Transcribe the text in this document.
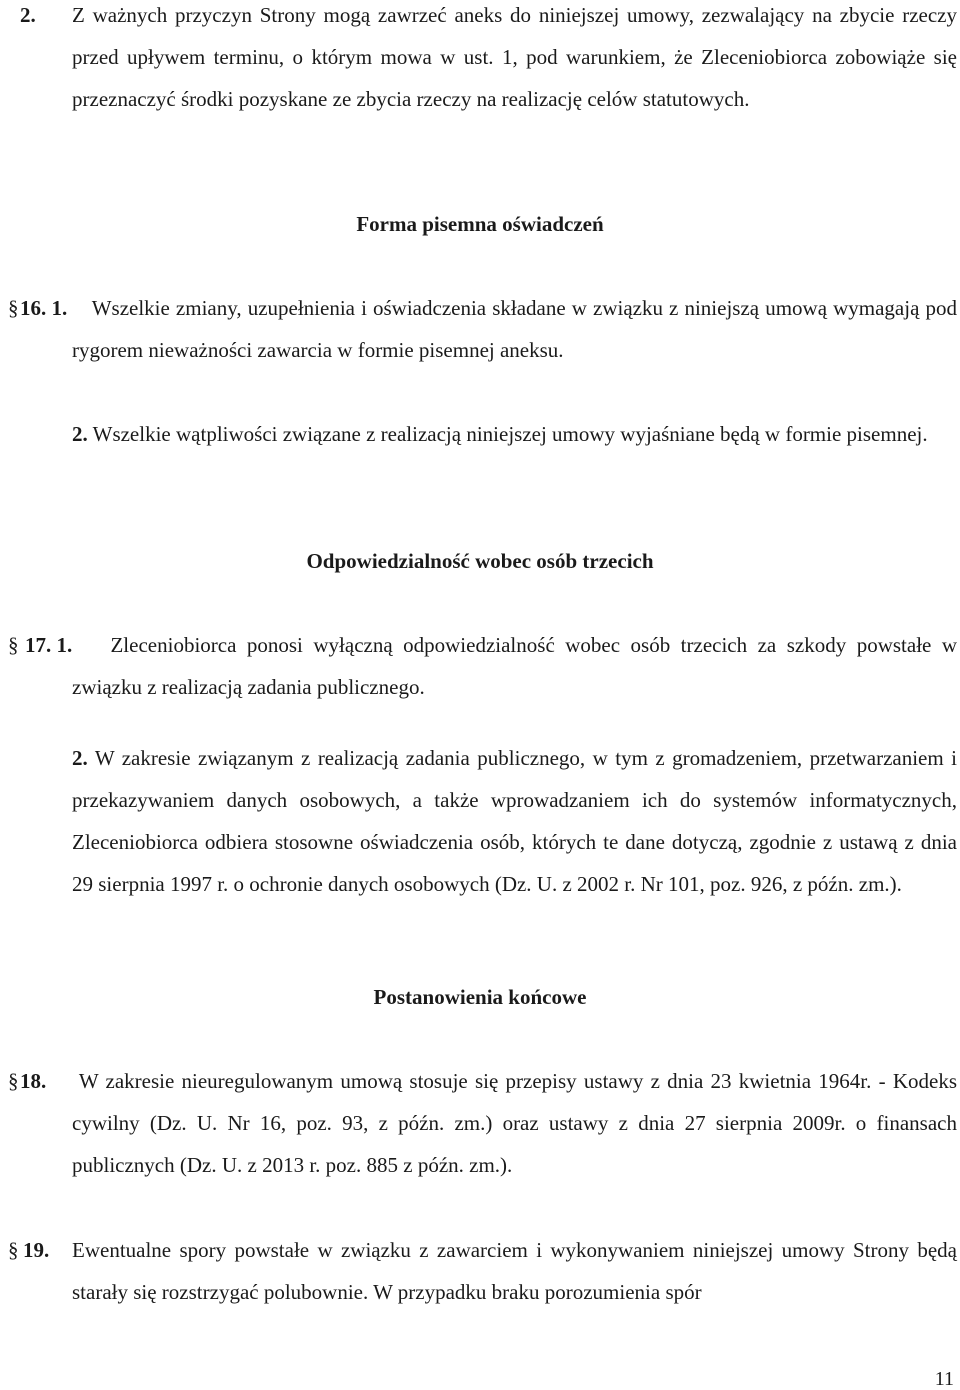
2. Z ważnych przyczyn Strony mogą zawrzeć aneks do niniejszej umowy, zezwalający na zbycie rzeczy przed upływem terminu, o którym mowa w ust. 1, pod warunkiem, że Zleceniobiorca zobowiąże się przeznaczyć środki pozyskane ze zbycia rzeczy na realizację celów statutowych.
Forma pisemna oświadczeń
§ 16. 1. Wszelkie zmiany, uzupełnienia i oświadczenia składane w związku z niniejszą umową wymagają pod rygorem nieważności zawarcia w formie pisemnej aneksu.
2. Wszelkie wątpliwości związane z realizacją niniejszej umowy wyjaśniane będą w formie pisemnej.
Odpowiedzialność wobec osób trzecich
§ 17. 1. Zleceniobiorca ponosi wyłączną odpowiedzialność wobec osób trzecich za szkody powstałe w związku z realizacją zadania publicznego.
2. W zakresie związanym z realizacją zadania publicznego, w tym z gromadzeniem, przetwarzaniem i przekazywaniem danych osobowych, a także wprowadzaniem ich do systemów informatycznych, Zleceniobiorca odbiera stosowne oświadczenia osób, których te dane dotyczą, zgodnie z ustawą z dnia 29 sierpnia 1997 r. o ochronie danych osobowych (Dz. U. z 2002 r. Nr 101, poz. 926, z późn. zm.).
Postanowienia końcowe
§ 18. W zakresie nieuregulowanym umową stosuje się przepisy ustawy z dnia 23 kwietnia 1964r. - Kodeks cywilny (Dz. U. Nr 16, poz. 93, z późn. zm.) oraz ustawy z dnia 27 sierpnia 2009r. o finansach publicznych (Dz. U. z 2013 r. poz. 885 z późn. zm.).
§ 19. Ewentualne spory powstałe w związku z zawarciem i wykonywaniem niniejszej umowy Strony będą starały się rozstrzygać polubownie. W przypadku braku porozumienia spór
11
